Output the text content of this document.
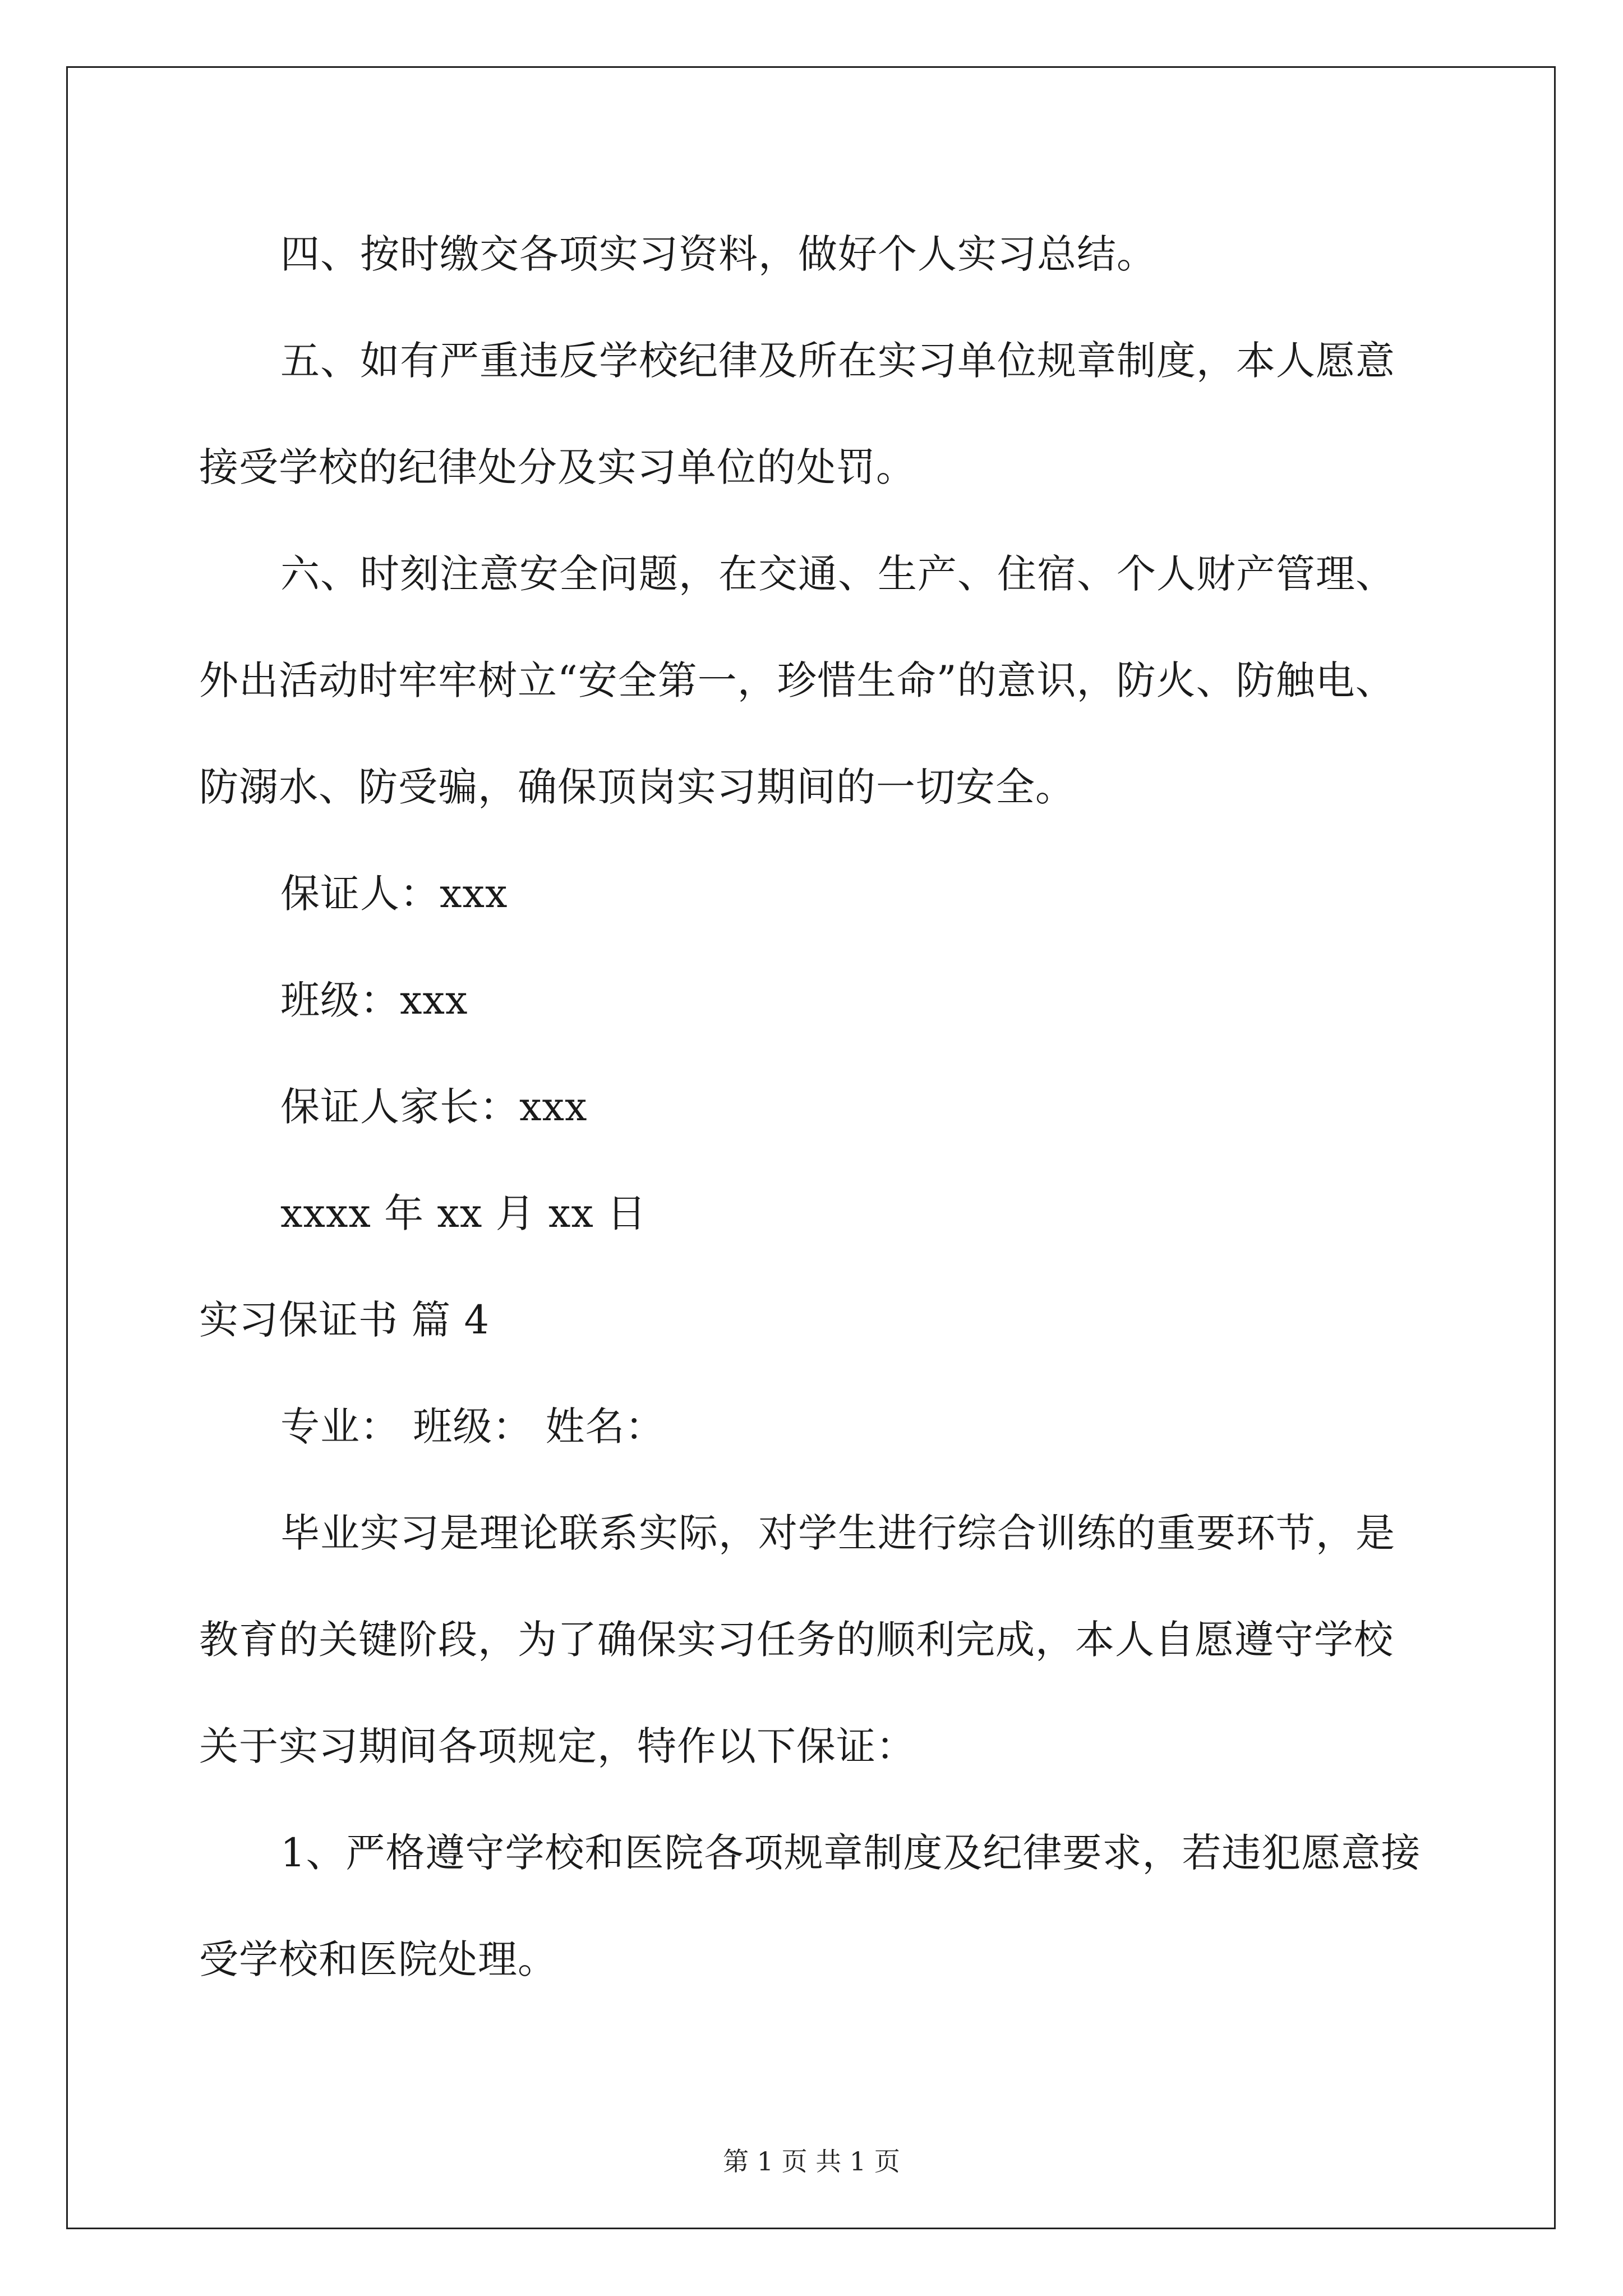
四、按时缴交各项实习资料，做好个人实习总结。
五、如有严重违反学校纪律及所在实习单位规章制度，本人愿意
接受学校的纪律处分及实习单位的处罚。
六、时刻注意安全问题，在交通、生产、住宿、个人财产管理、
外出活动时牢牢树立“安全第一，珍惜生命”的意识，防火、防触电、
防溺水、防受骗，确保顶岗实习期间的一切安全。
保证人：xxx
班级：xxx
保证人家长：xxx
xxxx 年 xx 月 xx 日
实习保证书 篇 4
专业： 班级： 姓名：
毕业实习是理论联系实际，对学生进行综合训练的重要环节，是
教育的关键阶段，为了确保实习任务的顺利完成，本人自愿遵守学校
关于实习期间各项规定，特作以下保证：
1、严格遵守学校和医院各项规章制度及纪律要求，若违犯愿意接
受学校和医院处理。
第 1 页 共 1 页
